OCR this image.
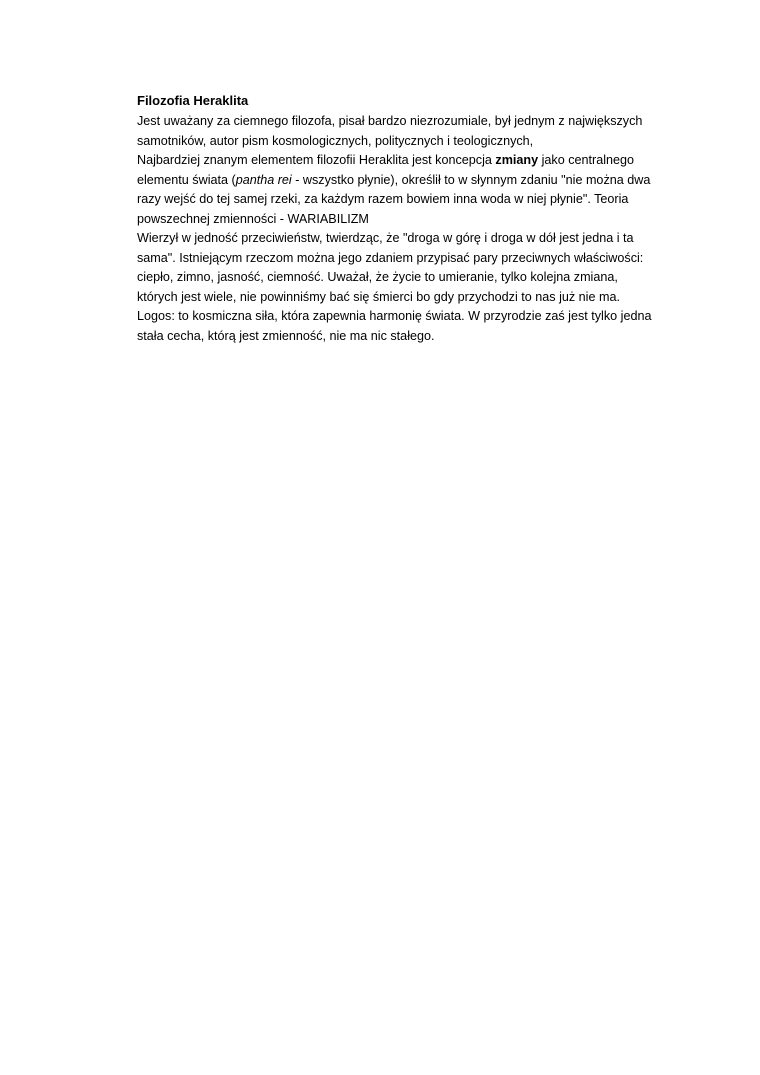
Filozofia Heraklita

Jest uważany za ciemnego filozofa, pisał bardzo niezrozumiale, był jednym z największych

samotników, autor pism kosmologicznych, politycznych i teologicznych,

Najbardziej znanym elementem filozofii Heraklita jest koncepcja zmiany jako centralnego

elementu świata (pantha rei - wszystko płynie), określił to w słynnym zdaniu "nie można dwa

razy wejść do tej samej rzeki, za każdym razem bowiem inna woda w niej płynie". Teoria

powszechnej zmienności - WARIABILIZM

Wierzył w jedność przeciwieństw, twierdząc, że "droga w górę i droga w dół jest jedna i ta

sama". Istniejącym rzeczom można jego zdaniem przypisać pary przeciwnych właściwości:

ciepło, zimno, jasność, ciemność. Uważał, że życie to umieranie, tylko kolejna zmiana,

których jest wiele, nie powinniśmy bać się śmierci bo gdy przychodzi to nas już nie ma.

Logos: to kosmiczna siła, która zapewnia harmonię świata. W przyrodzie zaś jest tylko jedna

stała cecha, którą jest zmienność, nie ma nic stałego.
